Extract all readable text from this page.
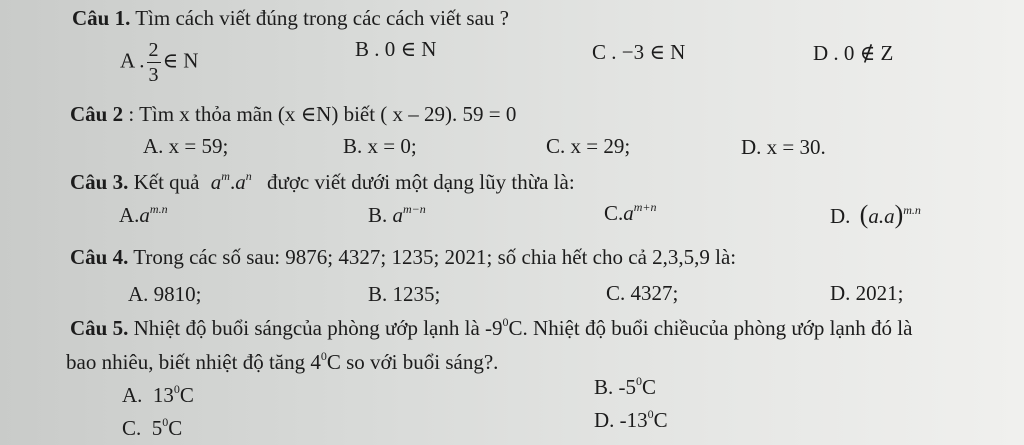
Câu 1. Tìm cách viết đúng trong các cách viết sau ?
A . $\frac{2}{3}$ ∈ N	B . 0 ∈ N	C . −3 ∈ N	D . 0 ∉ Z
Câu 2 : Tìm x thỏa mãn (x ∈N) biết ( x – 29). 59 = 0
A. x = 59;	B. x = 0;	C. x = 29;	D. x = 30.
Câu 3. Kết quả $a^m.a^n$ được viết dưới một dạng lũy thừa là:
$A.a^{m.n}$	B. $a^{m-n}$	$C.a^{m+n}$	D. $(a.a)^{m.n}$
Câu 4. Trong các số sau: 9876; 4327; 1235; 2021; số chia hết cho cả 2,3,5,9 là:
A. 9810;	B. 1235;	C. 4327;	D. 2021;
Câu 5. Nhiệt độ buổi sángcủa phòng ướp lạnh là $-9^0C$. Nhiệt độ buổi chiềucủa phòng ướp lạnh đó là
bao nhiêu, biết nhiệt độ tăng $4^0C$ so với buổi sáng?.
A. $13^0C$	B. $-5^0C$
C. $5^0C$	D. $-13^0C$
